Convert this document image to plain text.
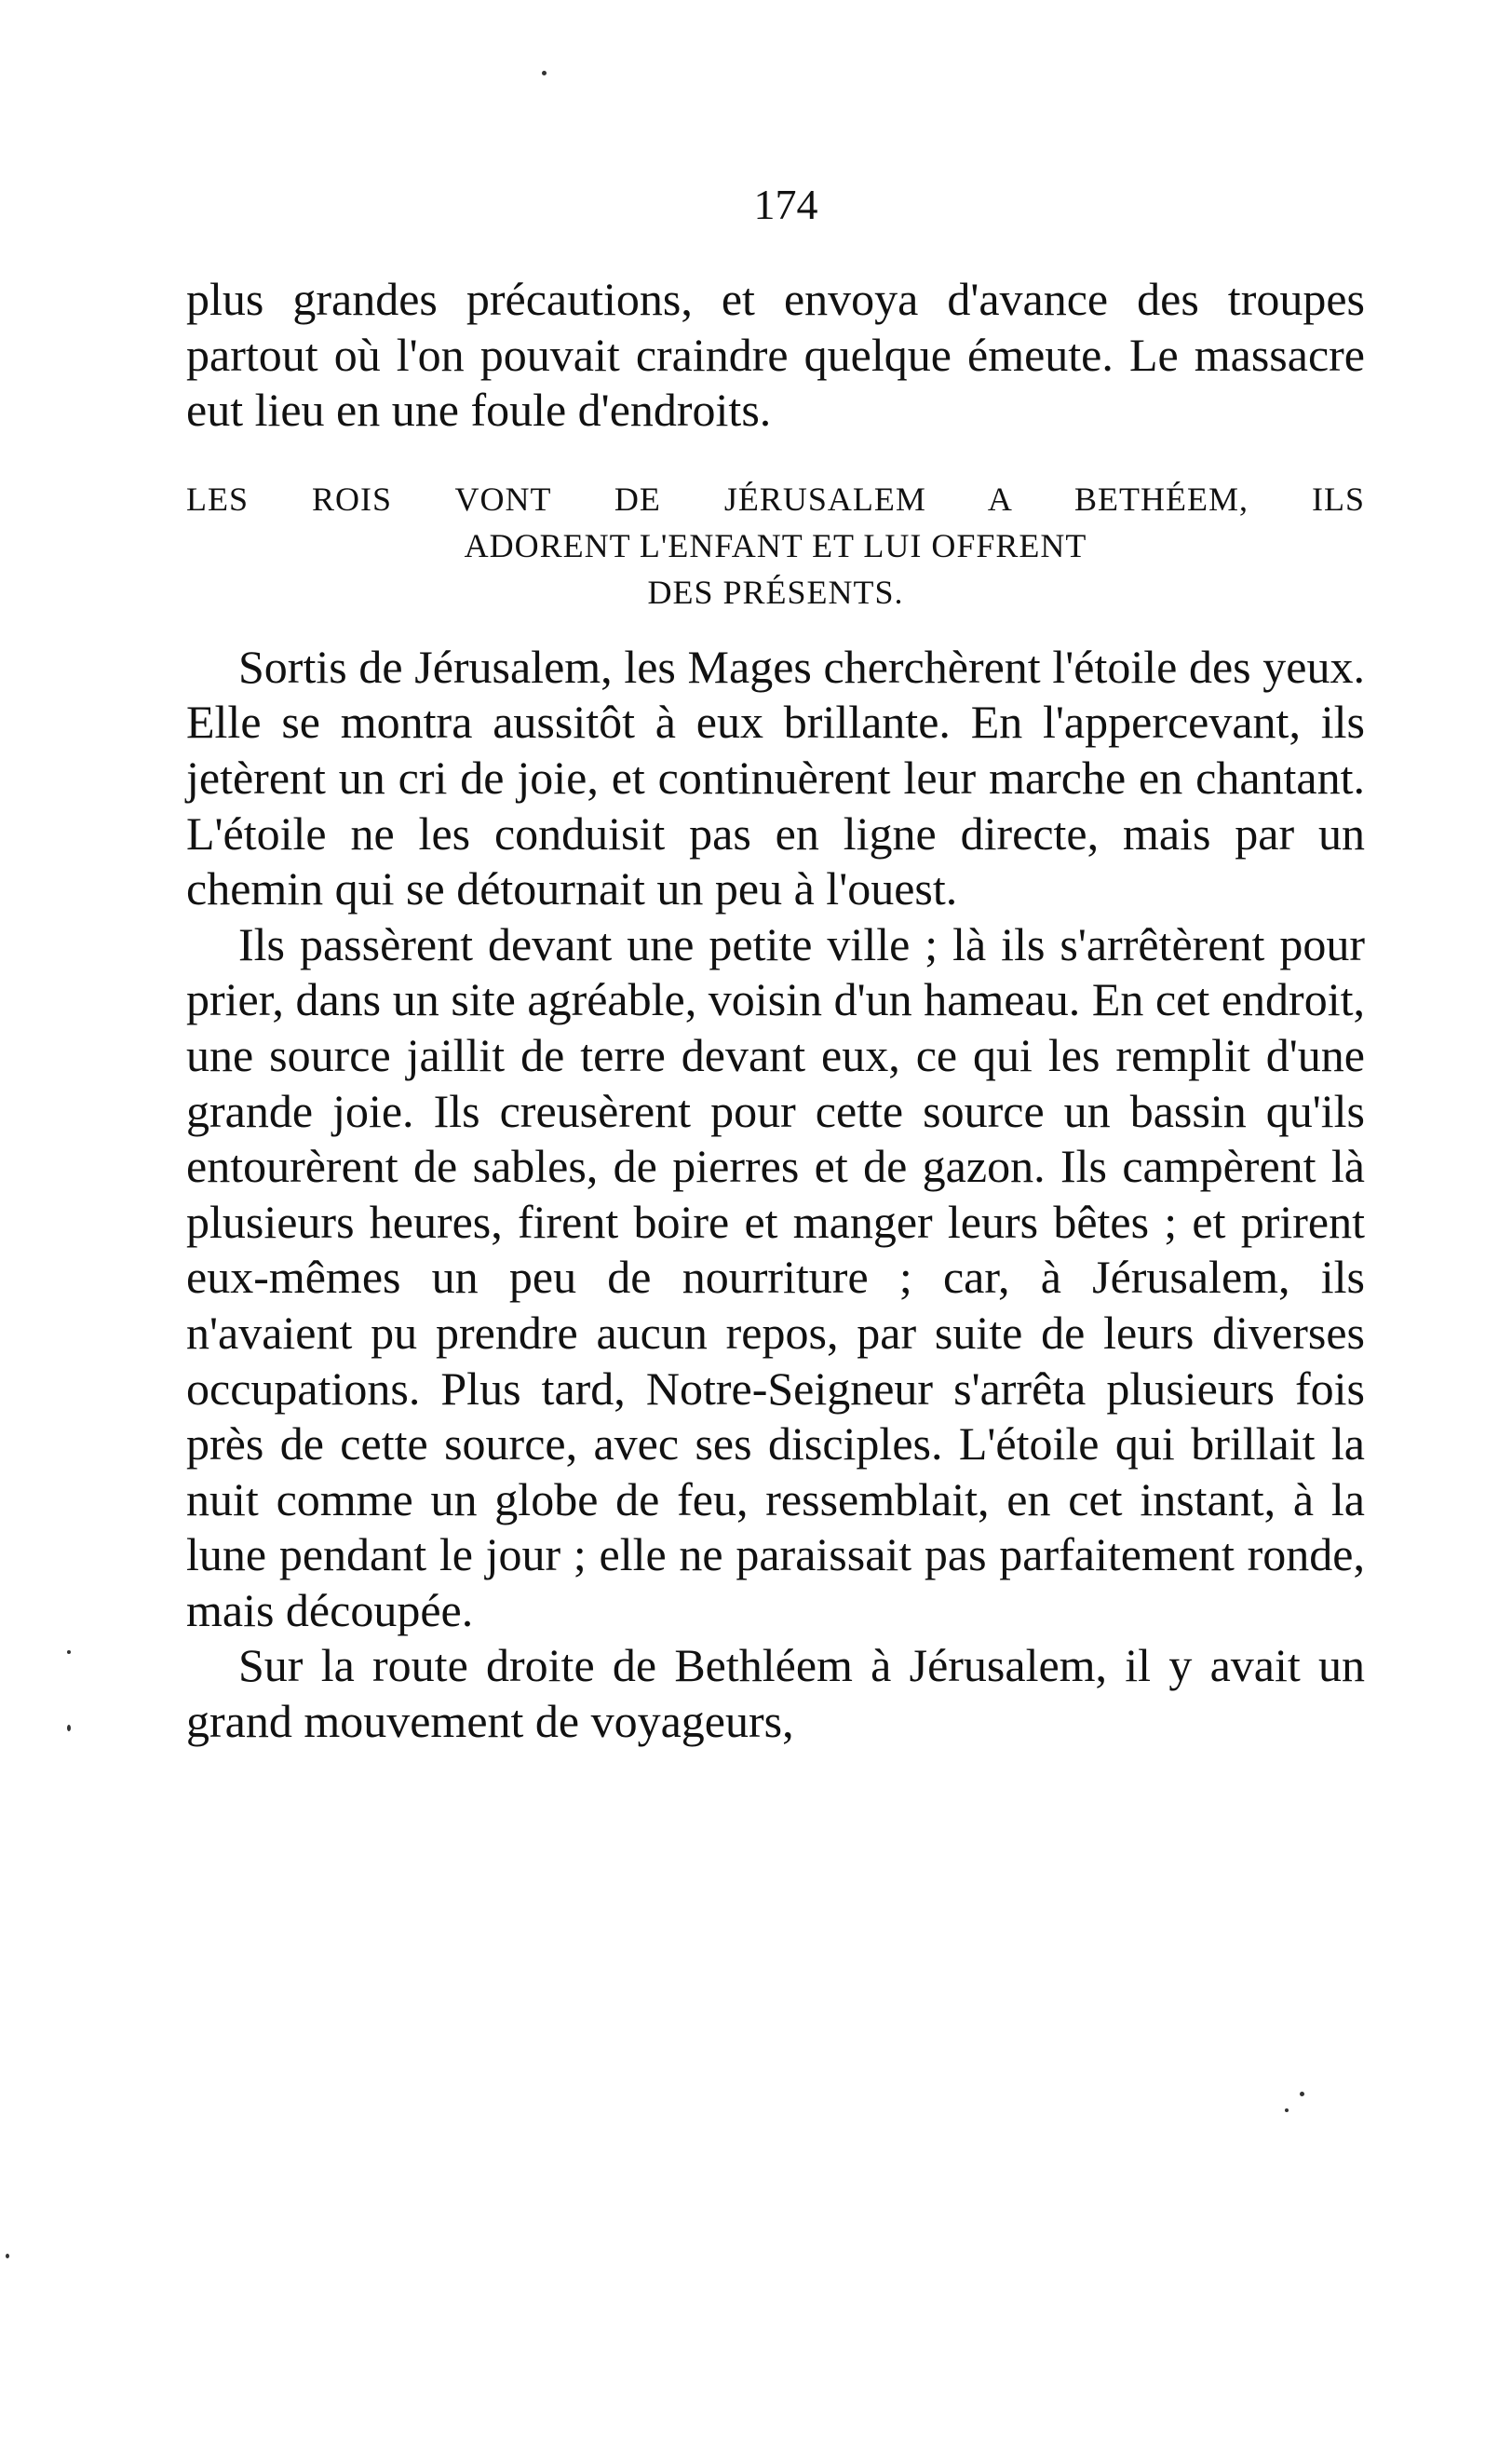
174

plus grandes précautions, et envoya d'avance des troupes partout où l'on pouvait craindre quelque émeute. Le massacre eut lieu en une foule d'endroits.

LES ROIS VONT DE JÉRUSALEM A BETHÉEM, ILS
ADORENT L'ENFANT ET LUI OFFRENT
DES PRÉSENTS.

Sortis de Jérusalem, les Mages cherchèrent l'étoile des yeux. Elle se montra aussitôt à eux brillante. En l'appercevant, ils jetèrent un cri de joie, et continuèrent leur marche en chantant. L'étoile ne les conduisit pas en ligne directe, mais par un chemin qui se détournait un peu à l'ouest.

Ils passèrent devant une petite ville ; là ils s'arrêtèrent pour prier, dans un site agréable, voisin d'un hameau. En cet endroit, une source jaillit de terre devant eux, ce qui les remplit d'une grande joie. Ils creusèrent pour cette source un bassin qu'ils entourèrent de sables, de pierres et de gazon. Ils campèrent là plusieurs heures, firent boire et manger leurs bêtes ; et prirent eux-mêmes un peu de nourriture ; car, à Jérusalem, ils n'avaient pu prendre aucun repos, par suite de leurs diverses occupations. Plus tard, Notre-Seigneur s'arrêta plusieurs fois près de cette source, avec ses disciples. L'étoile qui brillait la nuit comme un globe de feu, ressemblait, en cet instant, à la lune pendant le jour ; elle ne paraissait pas parfaitement ronde, mais découpée.

Sur la route droite de Bethléem à Jérusalem, il y avait un grand mouvement de voyageurs,
